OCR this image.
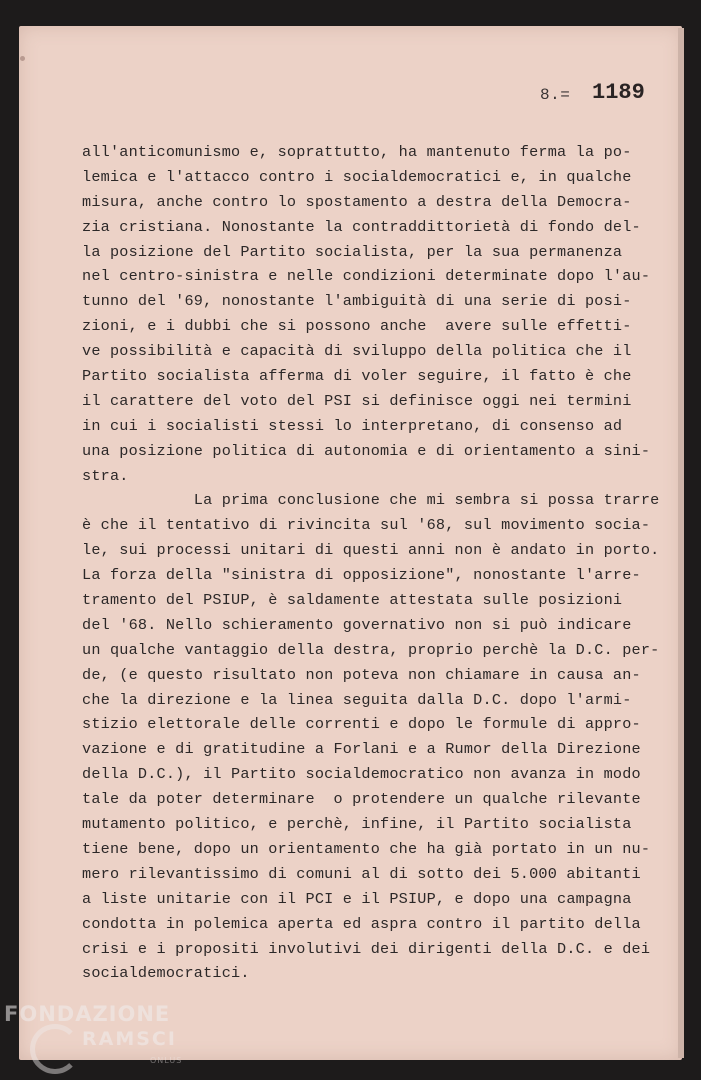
8.= 1189
all'anticomunismo e, soprattutto, ha mantenuto ferma la po-
lemica e l'attacco contro i socialdemocratici e, in qualche
misura, anche contro lo spostamento a destra della Democra-
zia cristiana. Nonostante la contraddittorietà di fondo del-
la posizione del Partito socialista, per la sua permanenza
nel centro-sinistra e nelle condizioni determinate dopo l'au-
tunno del '69, nonostante l'ambiguità di una serie di posi-
zioni, e i dubbi che si possono anche  avere sulle effetti-
ve possibilità e capacità di sviluppo della politica che il
Partito socialista afferma di voler seguire, il fatto è che
il carattere del voto del PSI si definisce oggi nei termini
in cui i socialisti stessi lo interpretano, di consenso ad
una posizione politica di autonomia e di orientamento a sini-
stra.
La prima conclusione che mi sembra si possa trarre
è che il tentativo di rivincita sul '68, sul movimento socia-
le, sui processi unitari di questi anni non è andato in porto.
La forza della "sinistra di opposizione", nonostante l'arre-
tramento del PSIUP, è saldamente attestata sulle posizioni
del '68. Nello schieramento governativo non si può indicare
un qualche vantaggio della destra, proprio perchè la D.C. per-
de, (e questo risultato non poteva non chiamare in causa an-
che la direzione e la linea seguita dalla D.C. dopo l'armi-
stizio elettorale delle correnti e dopo le formule di appro-
vazione e di gratitudine a Forlani e a Rumor della Direzione
della D.C.), il Partito socialdemocratico non avanza in modo
tale da poter determinare  o protendere un qualche rilevante
mutamento politico, e perchè, infine, il Partito socialista
tiene bene, dopo un orientamento che ha già portato in un nu-
mero rilevantissimo di comuni al di sotto dei 5.000 abitanti
a liste unitarie con il PCI e il PSIUP, e dopo una campagna
condotta in polemica aperta ed aspra contro il partito della
crisi e i propositi involutivi dei dirigenti della D.C. e dei
socialdemocratici.
FONDAZIONE
RAMSCI
ONLUS
